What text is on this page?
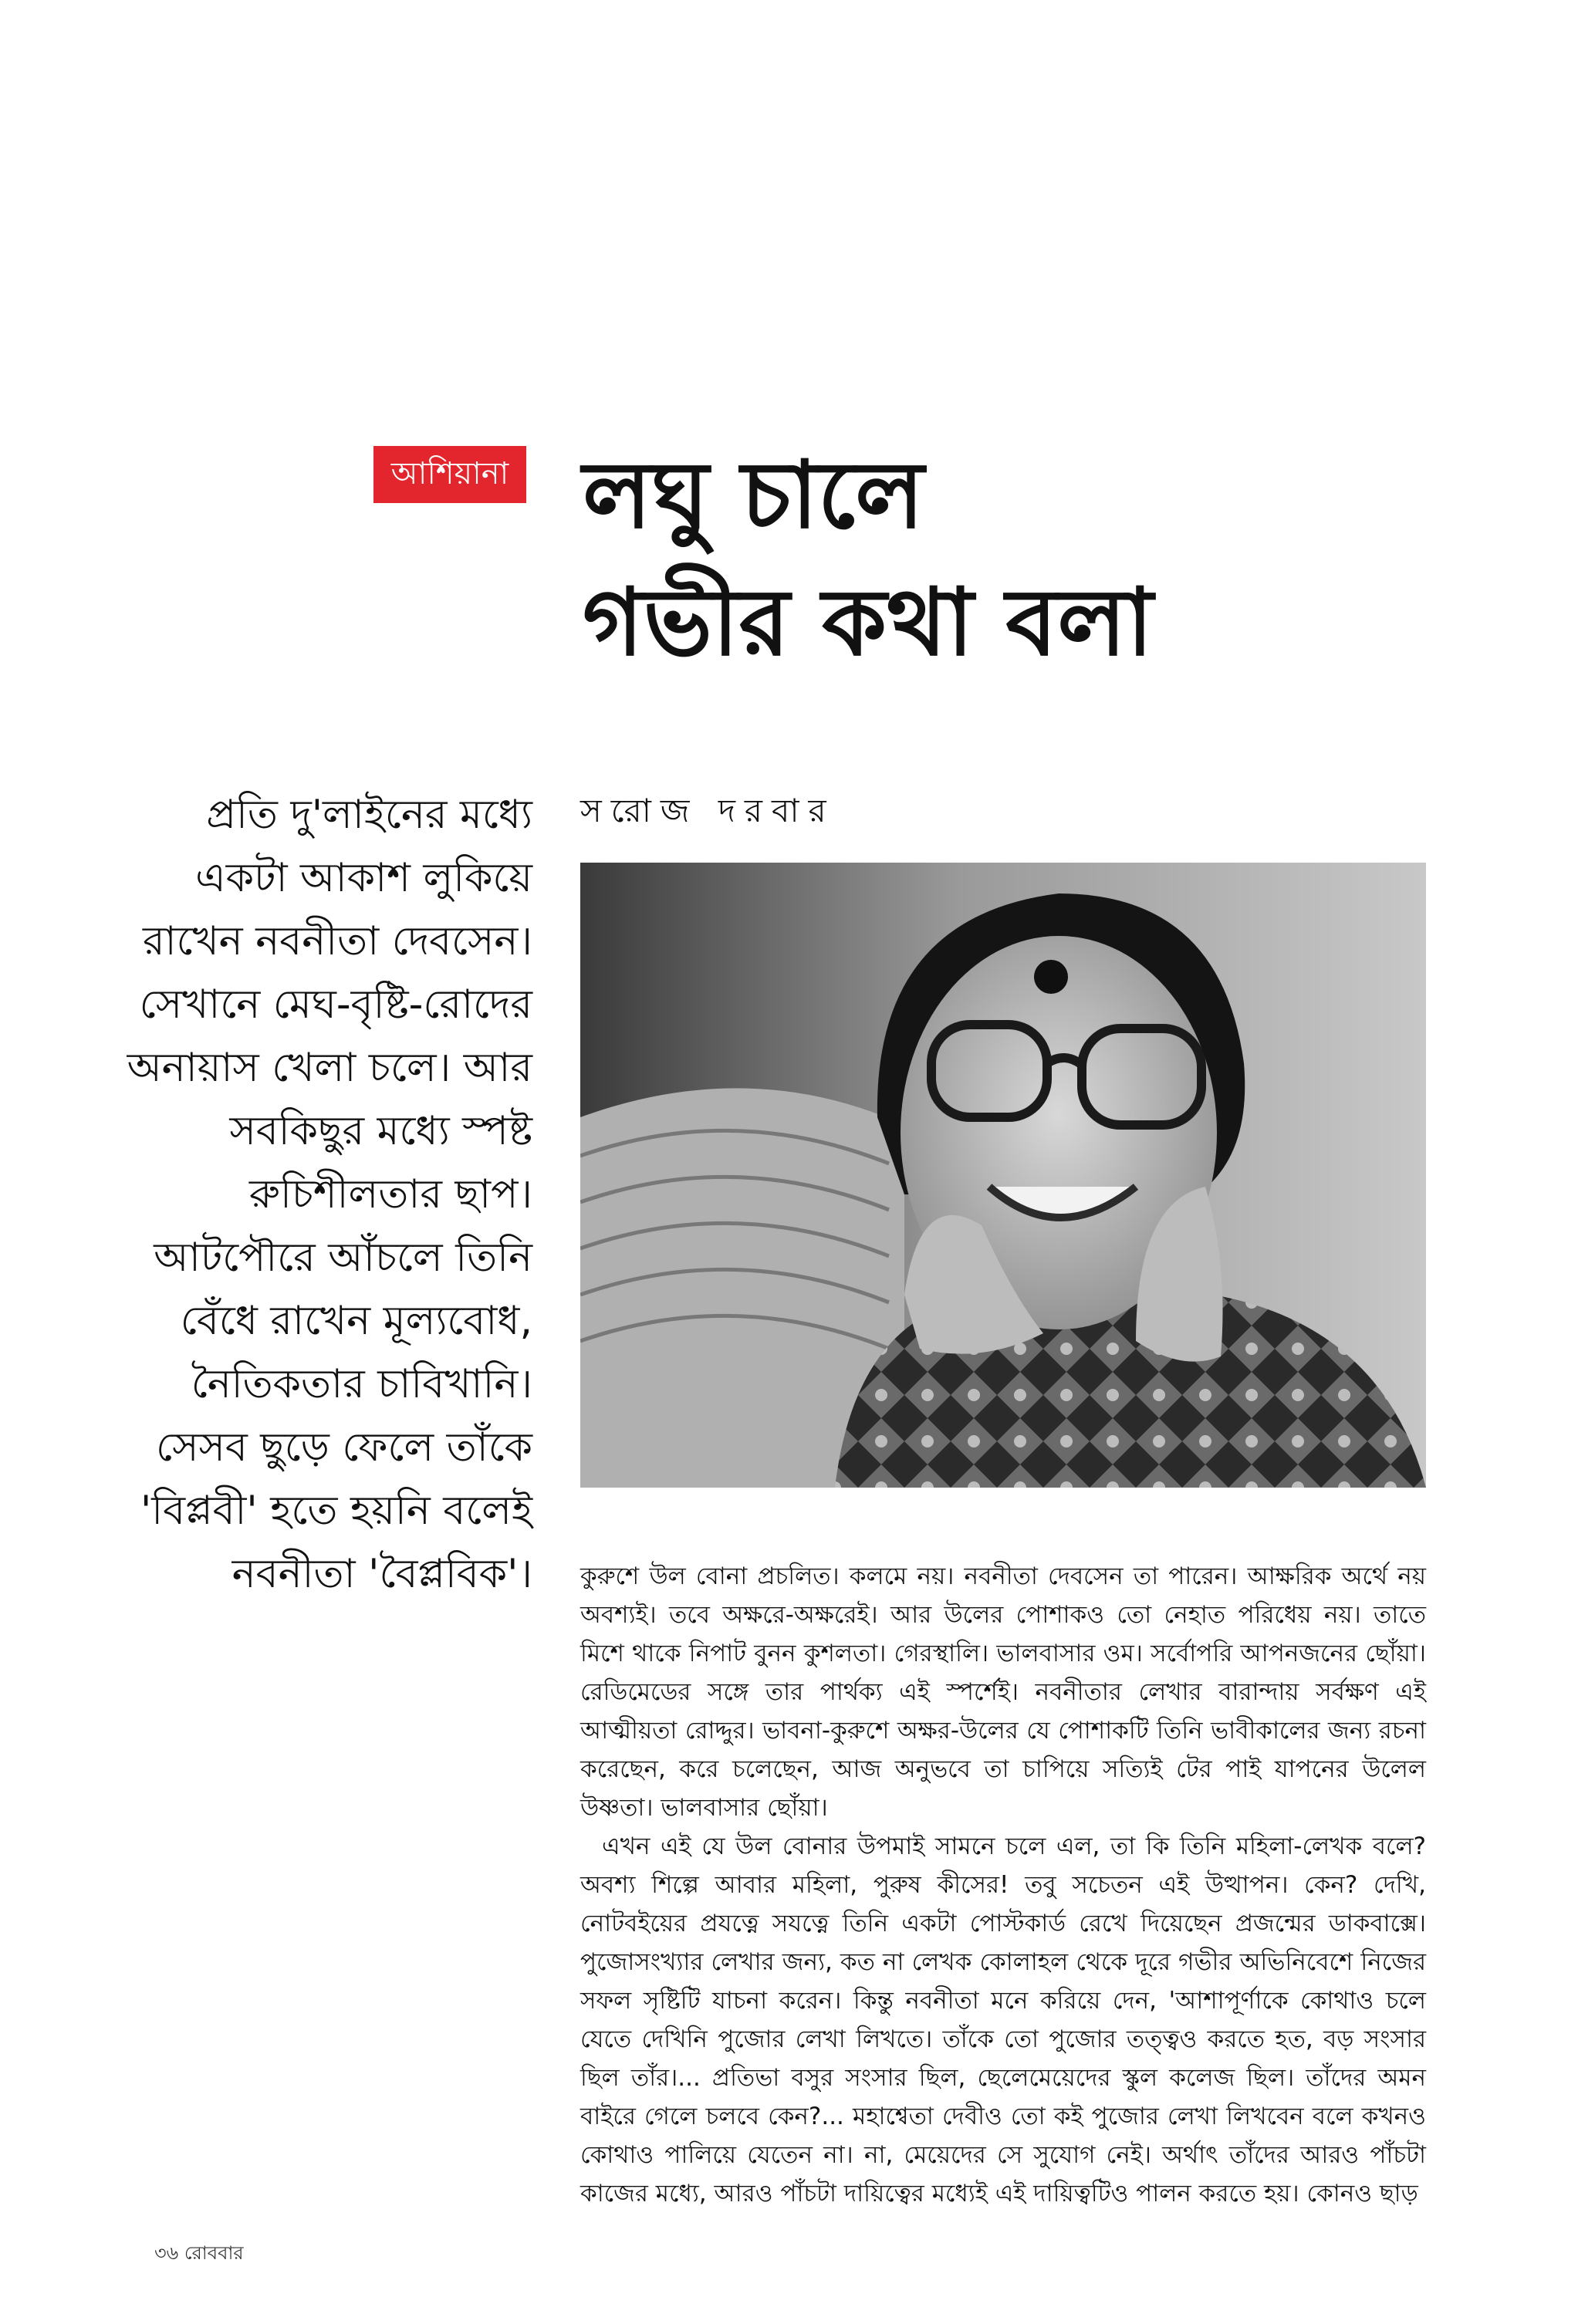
আশিয়ানা লঘু চালে
গভীর কথা বলা

প্রতি দু'লাইনের মধ্যে একটা আকাশ লুকিয়ে রাখেন নবনীতা দেবসেন। সেখানে মেঘ-বৃষ্টি-রোদের অনায়াস খেলা চলে। আর সবকিছুর মধ্যে স্পষ্ট রুচিশীলতার ছাপ। আটপৌরে আঁচলে তিনি বেঁধে রাখেন মূল্যবোধ, নৈতিকতার চাবিখানি। সেসব ছুড়ে ফেলে তাঁকে 'বিপ্লবী' হতে হয়নি বলেই নবনীতা 'বৈপ্লবিক'।

সরোজ দরবার

কুরুশে উল বোনা প্রচলিত। কলমে নয়। নবনীতা দেবসেন তা পারেন। আক্ষরিক অর্থে নয় অবশ্যই। তবে অক্ষরে-অক্ষরেই। আর উলের পোশাকও তো নেহাত পরিধেয় নয়। তাতে মিশে থাকে নিপাট বুনন কুশলতা। গেরস্থালি। ভালবাসার ওম। সর্বোপরি আপনজনের ছোঁয়া। রেডিমেডের সঙ্গে তার পার্থক্য এই স্পর্শেই। নবনীতার লেখার বারান্দায় সর্বক্ষণ এই আত্মীয়তা রোদ্দুর। ভাবনা-কুরুশে অক্ষর-উলের যে পোশাকটি তিনি ভাবীকালের জন্য রচনা করেছেন, করে চলেছেন, আজ অনুভবে তা চাপিয়ে সত্যিই টের পাই যাপনের উলেল উষ্ণতা। ভালবাসার ছোঁয়া।

এখন এই যে উল বোনার উপমাই সামনে চলে এল, তা কি তিনি মহিলা-লেখক বলে? অবশ্য শিল্পে আবার মহিলা, পুরুষ কীসের! তবু সচেতন এই উত্থাপন। কেন? দেখি, নোটবইয়ের প্রযত্নে সযত্নে তিনি একটা পোস্টকার্ড রেখে দিয়েছেন প্রজন্মের ডাকবাক্সে। পুজোসংখ্যার লেখার জন্য, কত না লেখক কোলাহল থেকে দূরে গভীর অভিনিবেশে নিজের সফল সৃষ্টিটি যাচনা করেন। কিন্তু নবনীতা মনে করিয়ে দেন, 'আশাপূর্ণাকে কোথাও চলে যেতে দেখিনি পুজোর লেখা লিখতে। তাঁকে তো পুজোর তত্ত্বও করতে হত, বড় সংসার ছিল তাঁর।... প্রতিভা বসুর সংসার ছিল, ছেলেমেয়েদের স্কুল কলেজ ছিল। তাঁদের অমন বাইরে গেলে চলবে কেন?... মহাশ্বেতা দেবীও তো কই পুজোর লেখা লিখবেন বলে কখনও কোথাও পালিয়ে যেতেন না। না, মেয়েদের সে সুযোগ নেই। অর্থাৎ তাঁদের আরও পাঁচটা কাজের মধ্যে, আরও পাঁচটা দায়িত্বের মধ্যেই এই দায়িত্বটিও পালন করতে হয়। কোনও ছাড়

৩৬ রোববার
